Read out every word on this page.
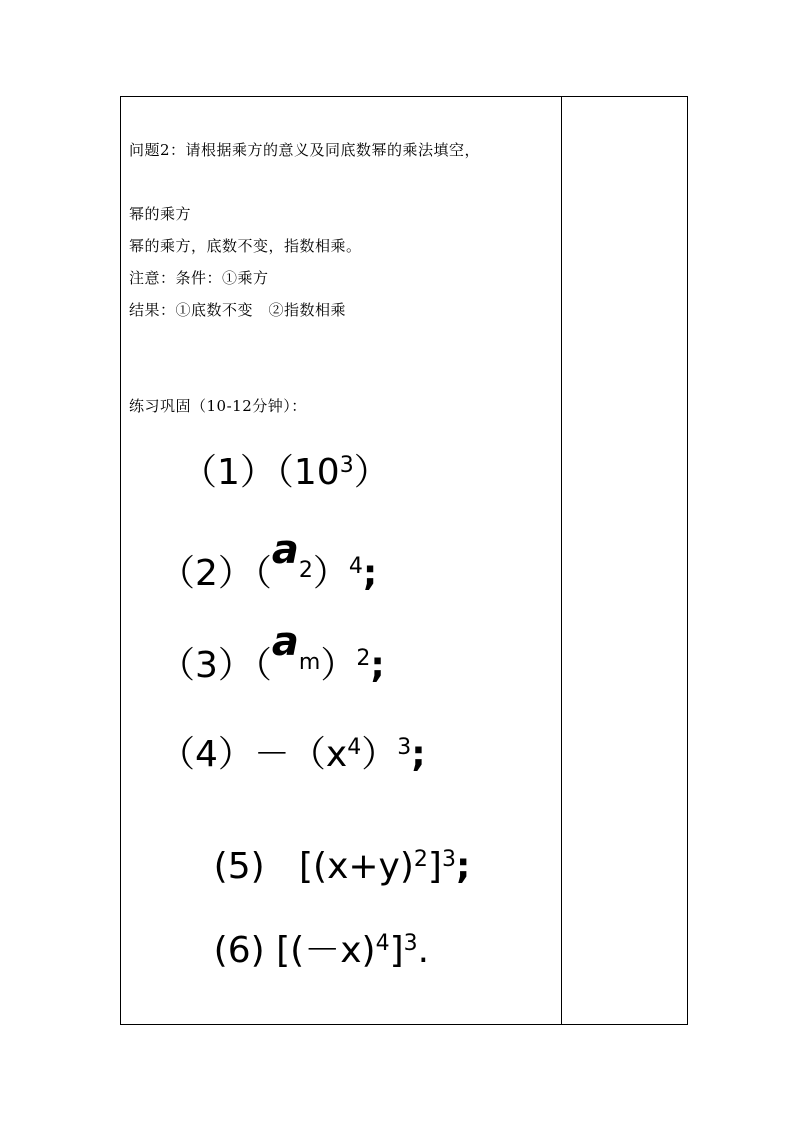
问题2：请根据乘方的意义及同底数幂的乘法填空，
幂的乘方
幂的乘方，底数不变，指数相乘。
注意：条件：①乘方
结果：①底数不变　②指数相乘
练习巩固（10-12分钟）：
$(1)(10^3)$
$(2)(a^2)^4$;
$(3)(a^m)^2$;
$(4)-(x^4)^3$;

(5)   $[(x+y)^2]^3$;

(6) $[(-x)^4]^3$.
